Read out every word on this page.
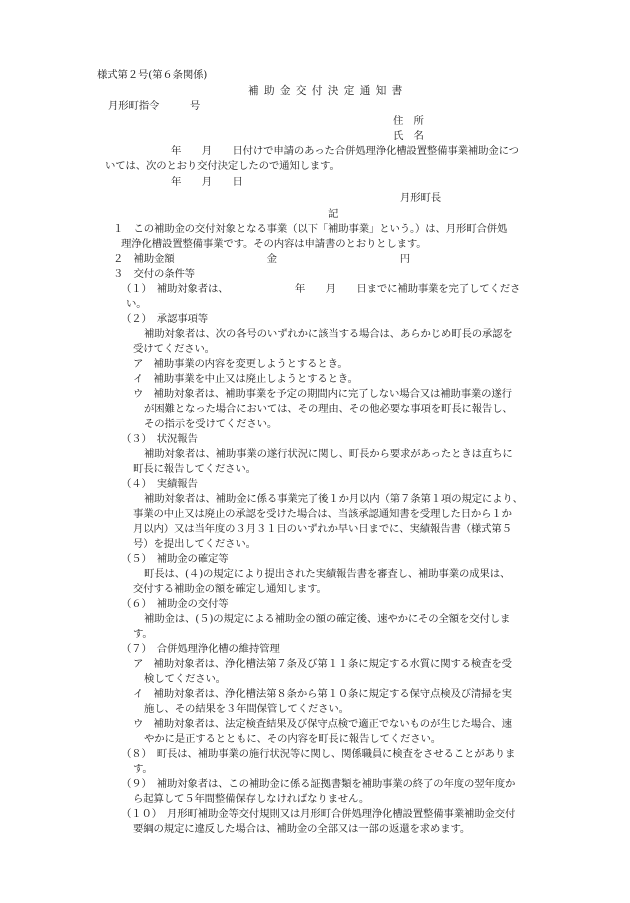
様式第２号(第６条関係)
補 助 金 交 付 決 定 通 知 書
月形町指令　　　号
住　所
氏　名
年　　月　　日付けで申請のあった合併処理浄化槽設置整備事業補助金につ
いては、次のとおり交付決定したので通知します。
年　　月　　日
月形町長
記
１　この補助金の交付対象となる事業（以下「補助事業」という。）は、月形町合併処
理浄化槽設置整備事業です。その内容は申請書のとおりとします。
２　補助金額　　　　　　　　　金　　　　　　　　　　　　円
３　交付の条件等
（１）　補助対象者は、　　　　　　　年　　月　　日までに補助事業を完了してくださ
い。
（２）　承認事項等
補助対象者は、次の各号のいずれかに該当する場合は、あらかじめ町長の承認を
受けてください。
ア　補助事業の内容を変更しようとするとき。
イ　補助事業を中止又は廃止しようとするとき。
ウ　補助対象者は、補助事業を予定の期間内に完了しない場合又は補助事業の遂行
が困難となった場合においては、その理由、その他必要な事項を町長に報告し、
その指示を受けてください。
（３）　状況報告
補助対象者は、補助事業の遂行状況に関し、町長から要求があったときは直ちに
町長に報告してください。
（４）　実績報告
補助対象者は、補助金に係る事業完了後１か月以内（第７条第１項の規定により、
事業の中止又は廃止の承認を受けた場合は、当該承認通知書を受理した日から１か
月以内）又は当年度の３月３１日のいずれか早い日までに、実績報告書（様式第５
号）を提出してください。
（５）　補助金の確定等
町長は、(４)の規定により提出された実績報告書を審査し、補助事業の成果は、
交付する補助金の額を確定し通知します。
（６）　補助金の交付等
補助金は、(５)の規定による補助金の額の確定後、速やかにその全額を交付しま
す。
（７）　合併処理浄化槽の維持管理
ア　補助対象者は、浄化槽法第７条及び第１１条に規定する水質に関する検査を受
検してください。
イ　補助対象者は、浄化槽法第８条から第１０条に規定する保守点検及び清掃を実
施し、その結果を３年間保管してください。
ウ　補助対象者は、法定検査結果及び保守点検で適正でないものが生じた場合、速
やかに是正するとともに、その内容を町長に報告してください。
（８）　町長は、補助事業の施行状況等に関し、関係職員に検査をさせることがありま
す。
（９）　補助対象者は、この補助金に係る証拠書類を補助事業の終了の年度の翌年度か
ら起算して５年間整備保存しなければなりません。
（１０）　月形町補助金等交付規則又は月形町合併処理浄化槽設置整備事業補助金交付
要綱の規定に違反した場合は、補助金の全部又は一部の返還を求めます。
